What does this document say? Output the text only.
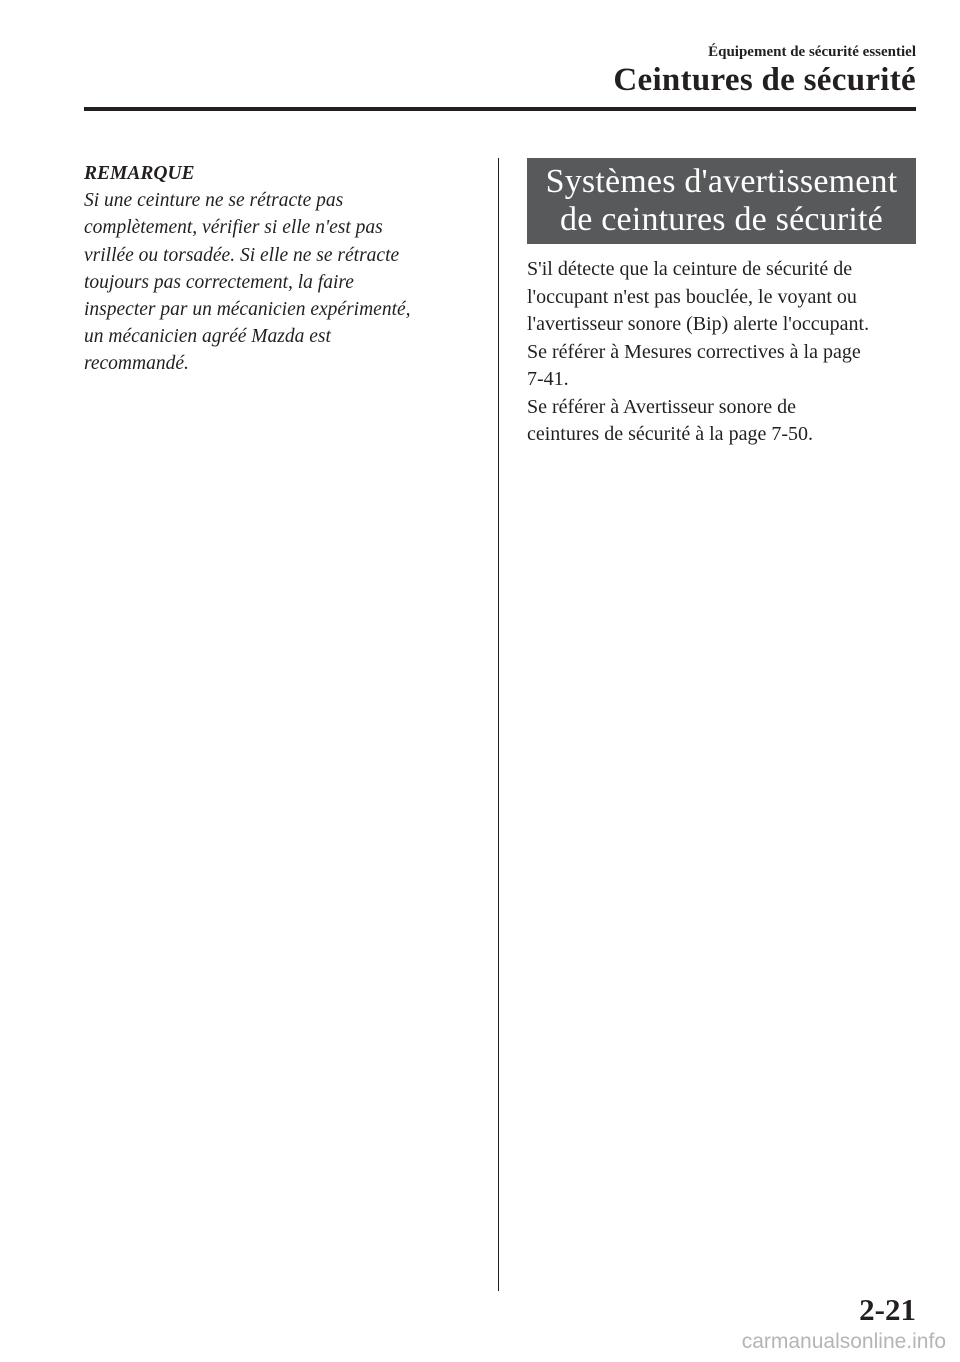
Équipement de sécurité essentiel
Ceintures de sécurité
REMARQUE
Si une ceinture ne se rétracte pas
complètement, vérifier si elle n'est pas
vrillée ou torsadée. Si elle ne se rétracte
toujours pas correctement, la faire
inspecter par un mécanicien expérimenté,
un mécanicien agréé Mazda est
recommandé.
Systèmes d'avertissement
de ceintures de sécurité
S'il détecte que la ceinture de sécurité de
l'occupant n'est pas bouclée, le voyant ou
l'avertisseur sonore (Bip) alerte l'occupant.
Se référer à Mesures correctives à la page
7-41.
Se référer à Avertisseur sonore de
ceintures de sécurité à la page 7-50.
2-21
carmanualsonline.info
